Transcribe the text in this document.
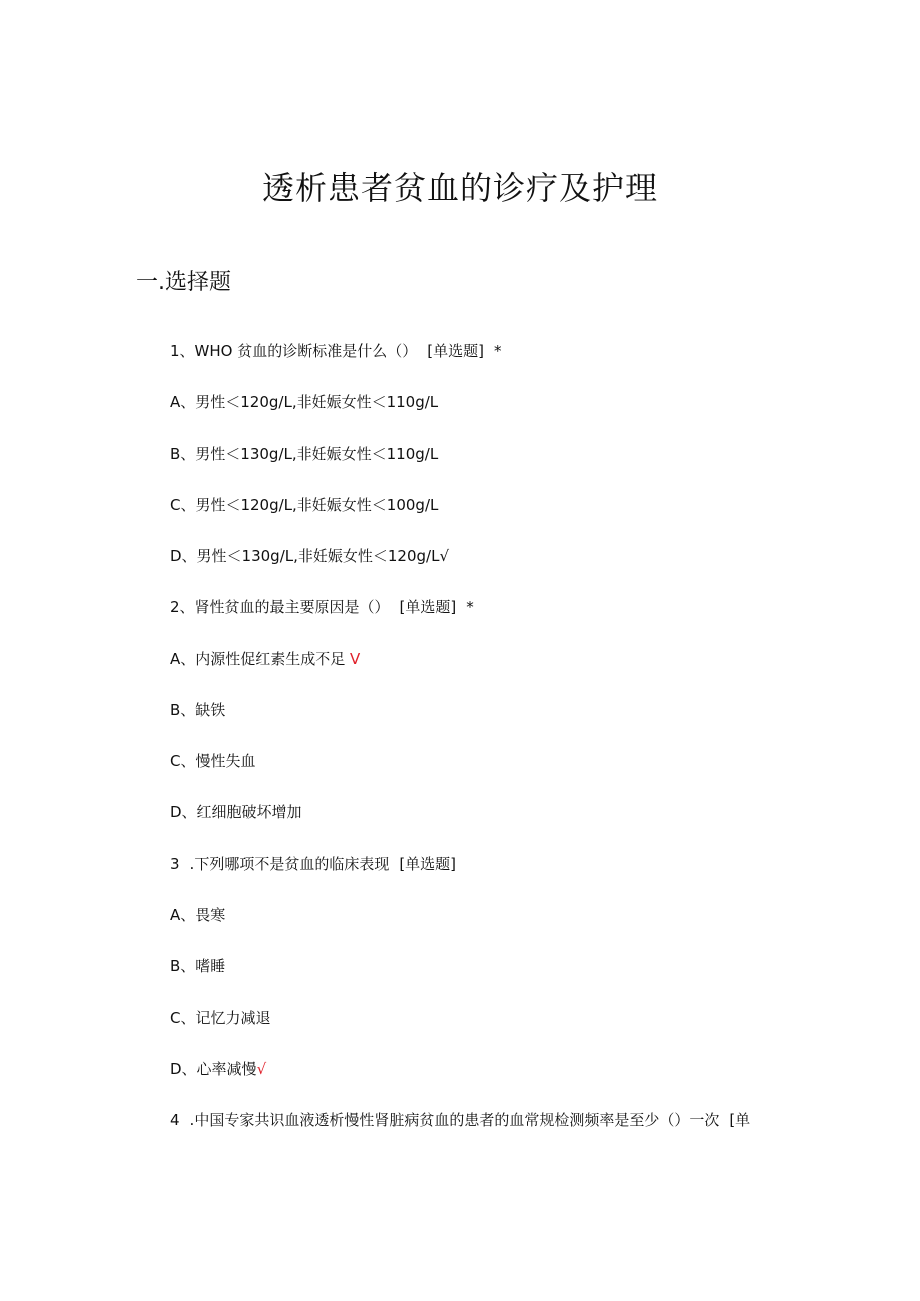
透析患者贫血的诊疗及护理
一.选择题
1、WHO 贫血的诊断标准是什么（） [单选题] *
A、男性＜120g/L,非妊娠女性＜110g/L
B、男性＜130g/L,非妊娠女性＜110g/L
C、男性＜120g/L,非妊娠女性＜100g/L
D、男性＜130g/L,非妊娠女性＜120g/L√
2、肾性贫血的最主要原因是（） [单选题] *
A、内源性促红素生成不足 V
B、缺铁
C、慢性失血
D、红细胞破坏增加
3 .下列哪项不是贫血的临床表现 [单选题]
A、畏寒
B、嗜睡
C、记忆力减退
D、心率减慢√
4 .中国专家共识血液透析慢性肾脏病贫血的患者的血常规检测频率是至少（）一次 [单
